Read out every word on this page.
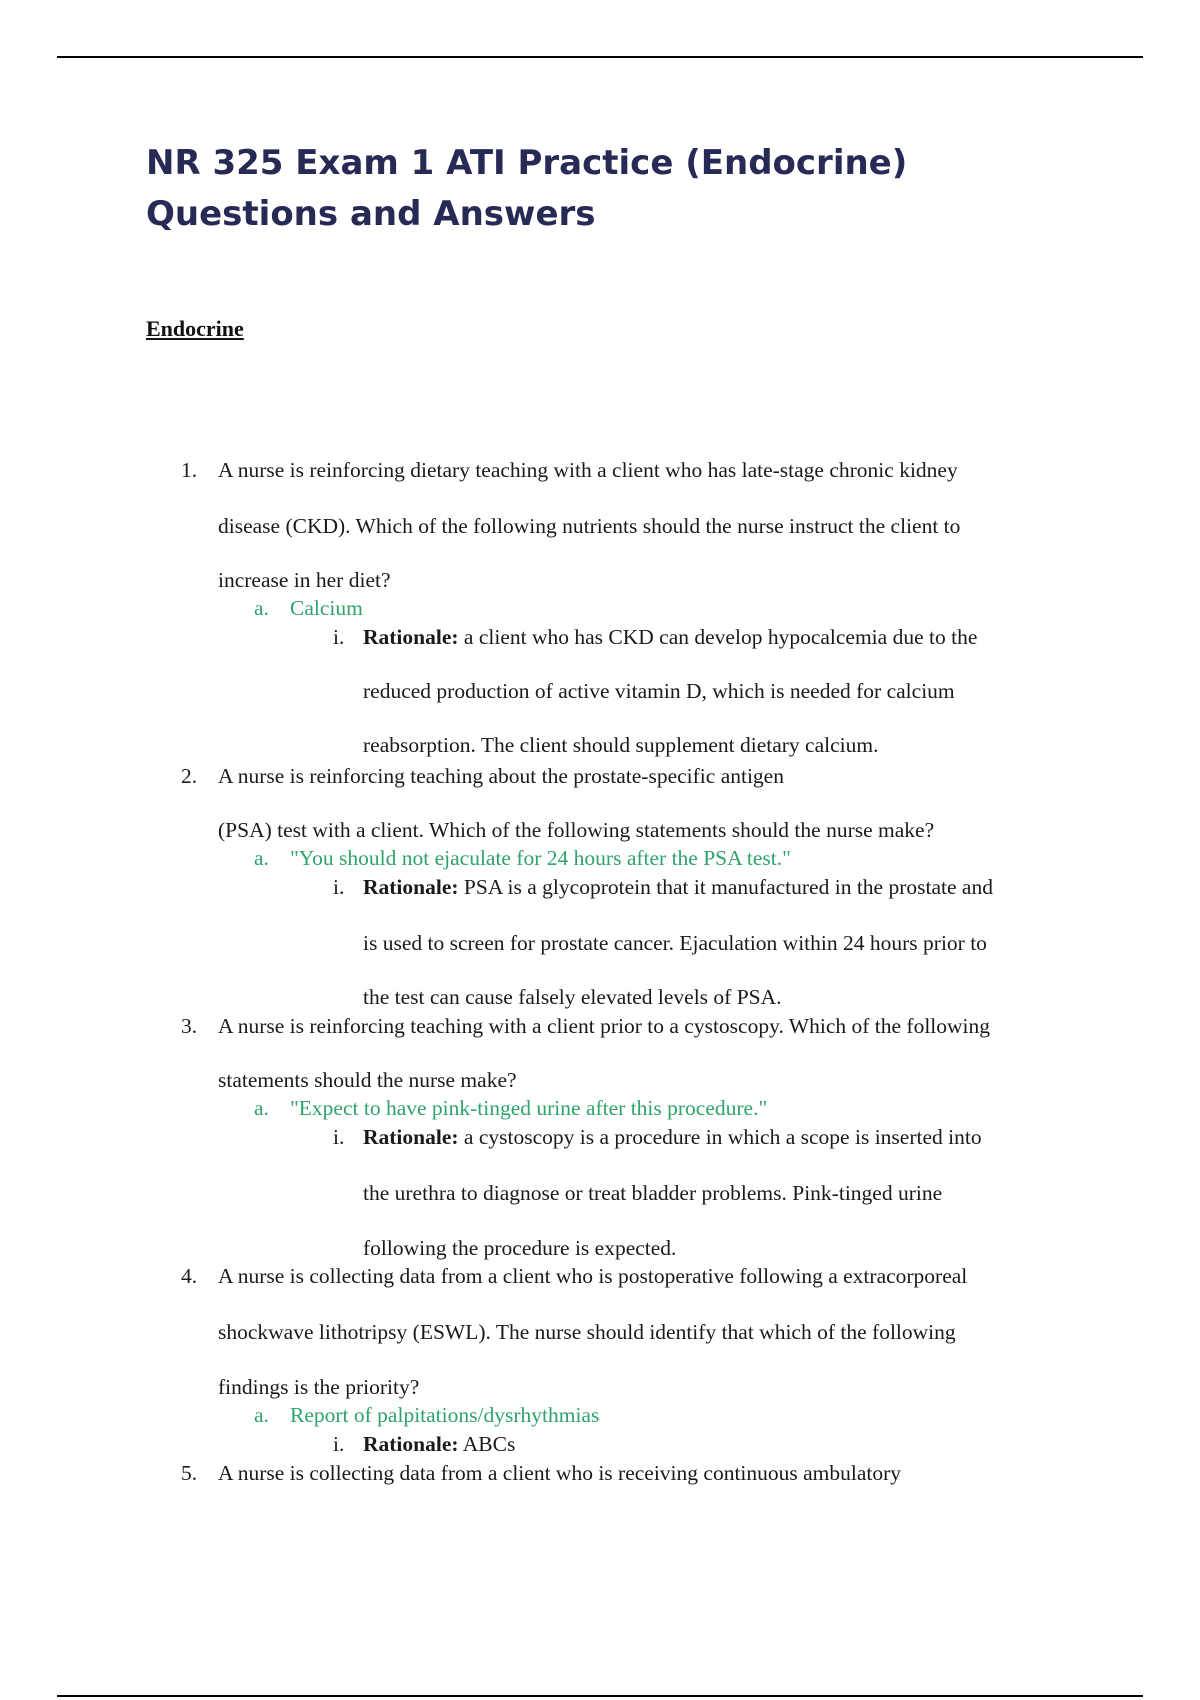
NR 325 Exam 1 ATI Practice (Endocrine) Questions and Answers
Endocrine
1. A nurse is reinforcing dietary teaching with a client who has late-stage chronic kidney
disease (CKD). Which of the following nutrients should the nurse instruct the client to
increase in her diet?
a. Calcium
i. Rationale: a client who has CKD can develop hypocalcemia due to the
reduced production of active vitamin D, which is needed for calcium
reabsorption. The client should supplement dietary calcium.
2. A nurse is reinforcing teaching about the prostate-specific antigen
(PSA) test with a client. Which of the following statements should the nurse make?
a. "You should not ejaculate for 24 hours after the PSA test."
i. Rationale: PSA is a glycoprotein that it manufactured in the prostate and
is used to screen for prostate cancer. Ejaculation within 24 hours prior to
the test can cause falsely elevated levels of PSA.
3. A nurse is reinforcing teaching with a client prior to a cystoscopy. Which of the following
statements should the nurse make?
a. "Expect to have pink-tinged urine after this procedure."
i. Rationale: a cystoscopy is a procedure in which a scope is inserted into
the urethra to diagnose or treat bladder problems. Pink-tinged urine
following the procedure is expected.
4. A nurse is collecting data from a client who is postoperative following a extracorporeal
shockwave lithotripsy (ESWL). The nurse should identify that which of the following
findings is the priority?
a. Report of palpitations/dysrhythmias
i. Rationale: ABCs
5. A nurse is collecting data from a client who is receiving continuous ambulatory
